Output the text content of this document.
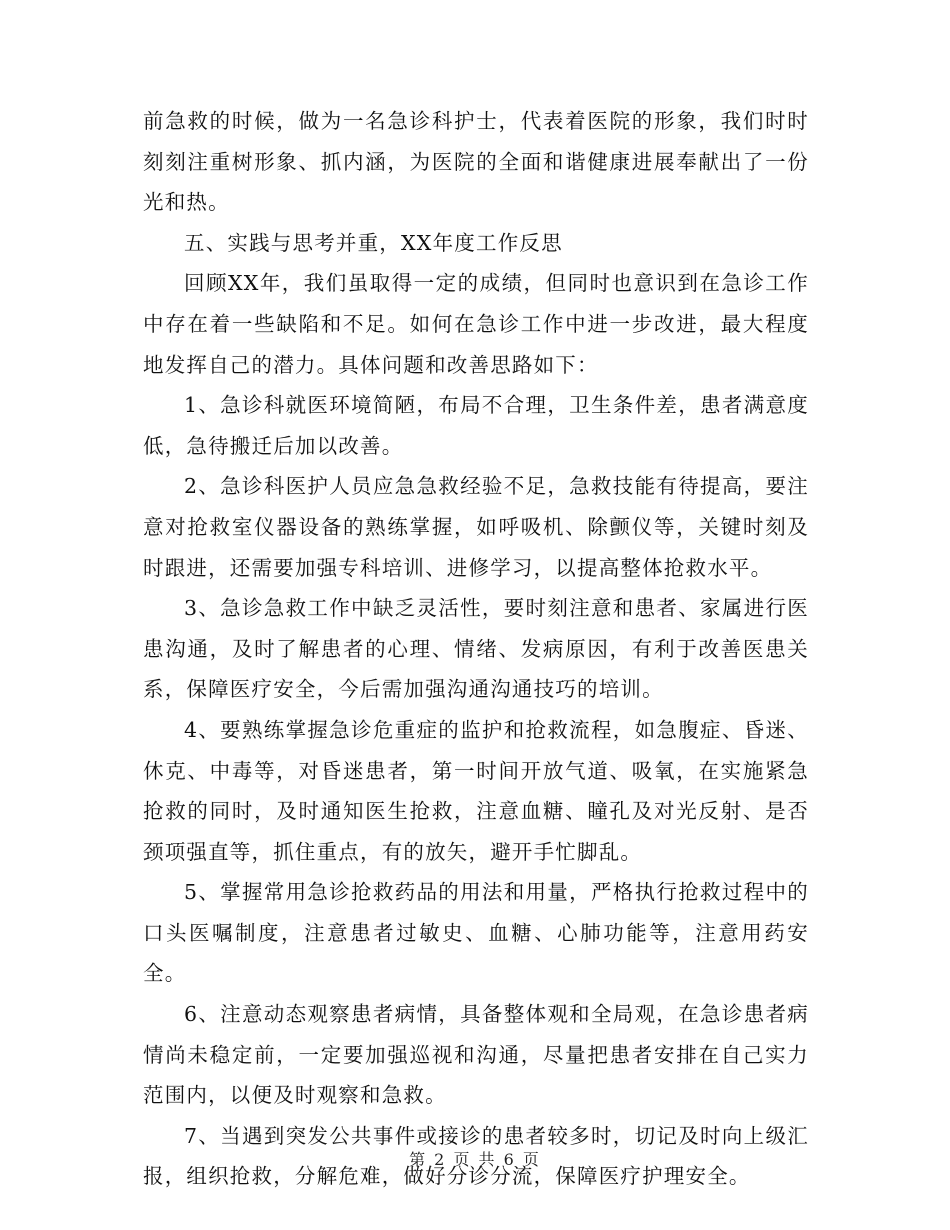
前急救的时候，做为一名急诊科护士，代表着医院的形象，我们时时刻刻注重树形象、抓内涵，为医院的全面和谐健康进展奉献出了一份光和热。

五、实践与思考并重，XX年度工作反思

回顾XX年，我们虽取得一定的成绩，但同时也意识到在急诊工作中存在着一些缺陷和不足。如何在急诊工作中进一步改进，最大程度地发挥自己的潜力。具体问题和改善思路如下：

1、急诊科就医环境简陋，布局不合理，卫生条件差，患者满意度低，急待搬迁后加以改善。

2、急诊科医护人员应急急救经验不足，急救技能有待提高，要注意对抢救室仪器设备的熟练掌握，如呼吸机、除颤仪等，关键时刻及时跟进，还需要加强专科培训、进修学习，以提高整体抢救水平。

3、急诊急救工作中缺乏灵活性，要时刻注意和患者、家属进行医患沟通，及时了解患者的心理、情绪、发病原因，有利于改善医患关系，保障医疗安全，今后需加强沟通沟通技巧的培训。

4、要熟练掌握急诊危重症的监护和抢救流程，如急腹症、昏迷、休克、中毒等，对昏迷患者，第一时间开放气道、吸氧，在实施紧急抢救的同时，及时通知医生抢救，注意血糖、瞳孔及对光反射、是否颈项强直等，抓住重点，有的放矢，避开手忙脚乱。

5、掌握常用急诊抢救药品的用法和用量，严格执行抢救过程中的口头医嘱制度，注意患者过敏史、血糖、心肺功能等，注意用药安全。

6、注意动态观察患者病情，具备整体观和全局观，在急诊患者病情尚未稳定前，一定要加强巡视和沟通，尽量把患者安排在自己实力范围内，以便及时观察和急救。

7、当遇到突发公共事件或接诊的患者较多时，切记及时向上级汇报，组织抢救，分解危难，做好分诊分流，保障医疗护理安全。

第 2 页 共 6 页
